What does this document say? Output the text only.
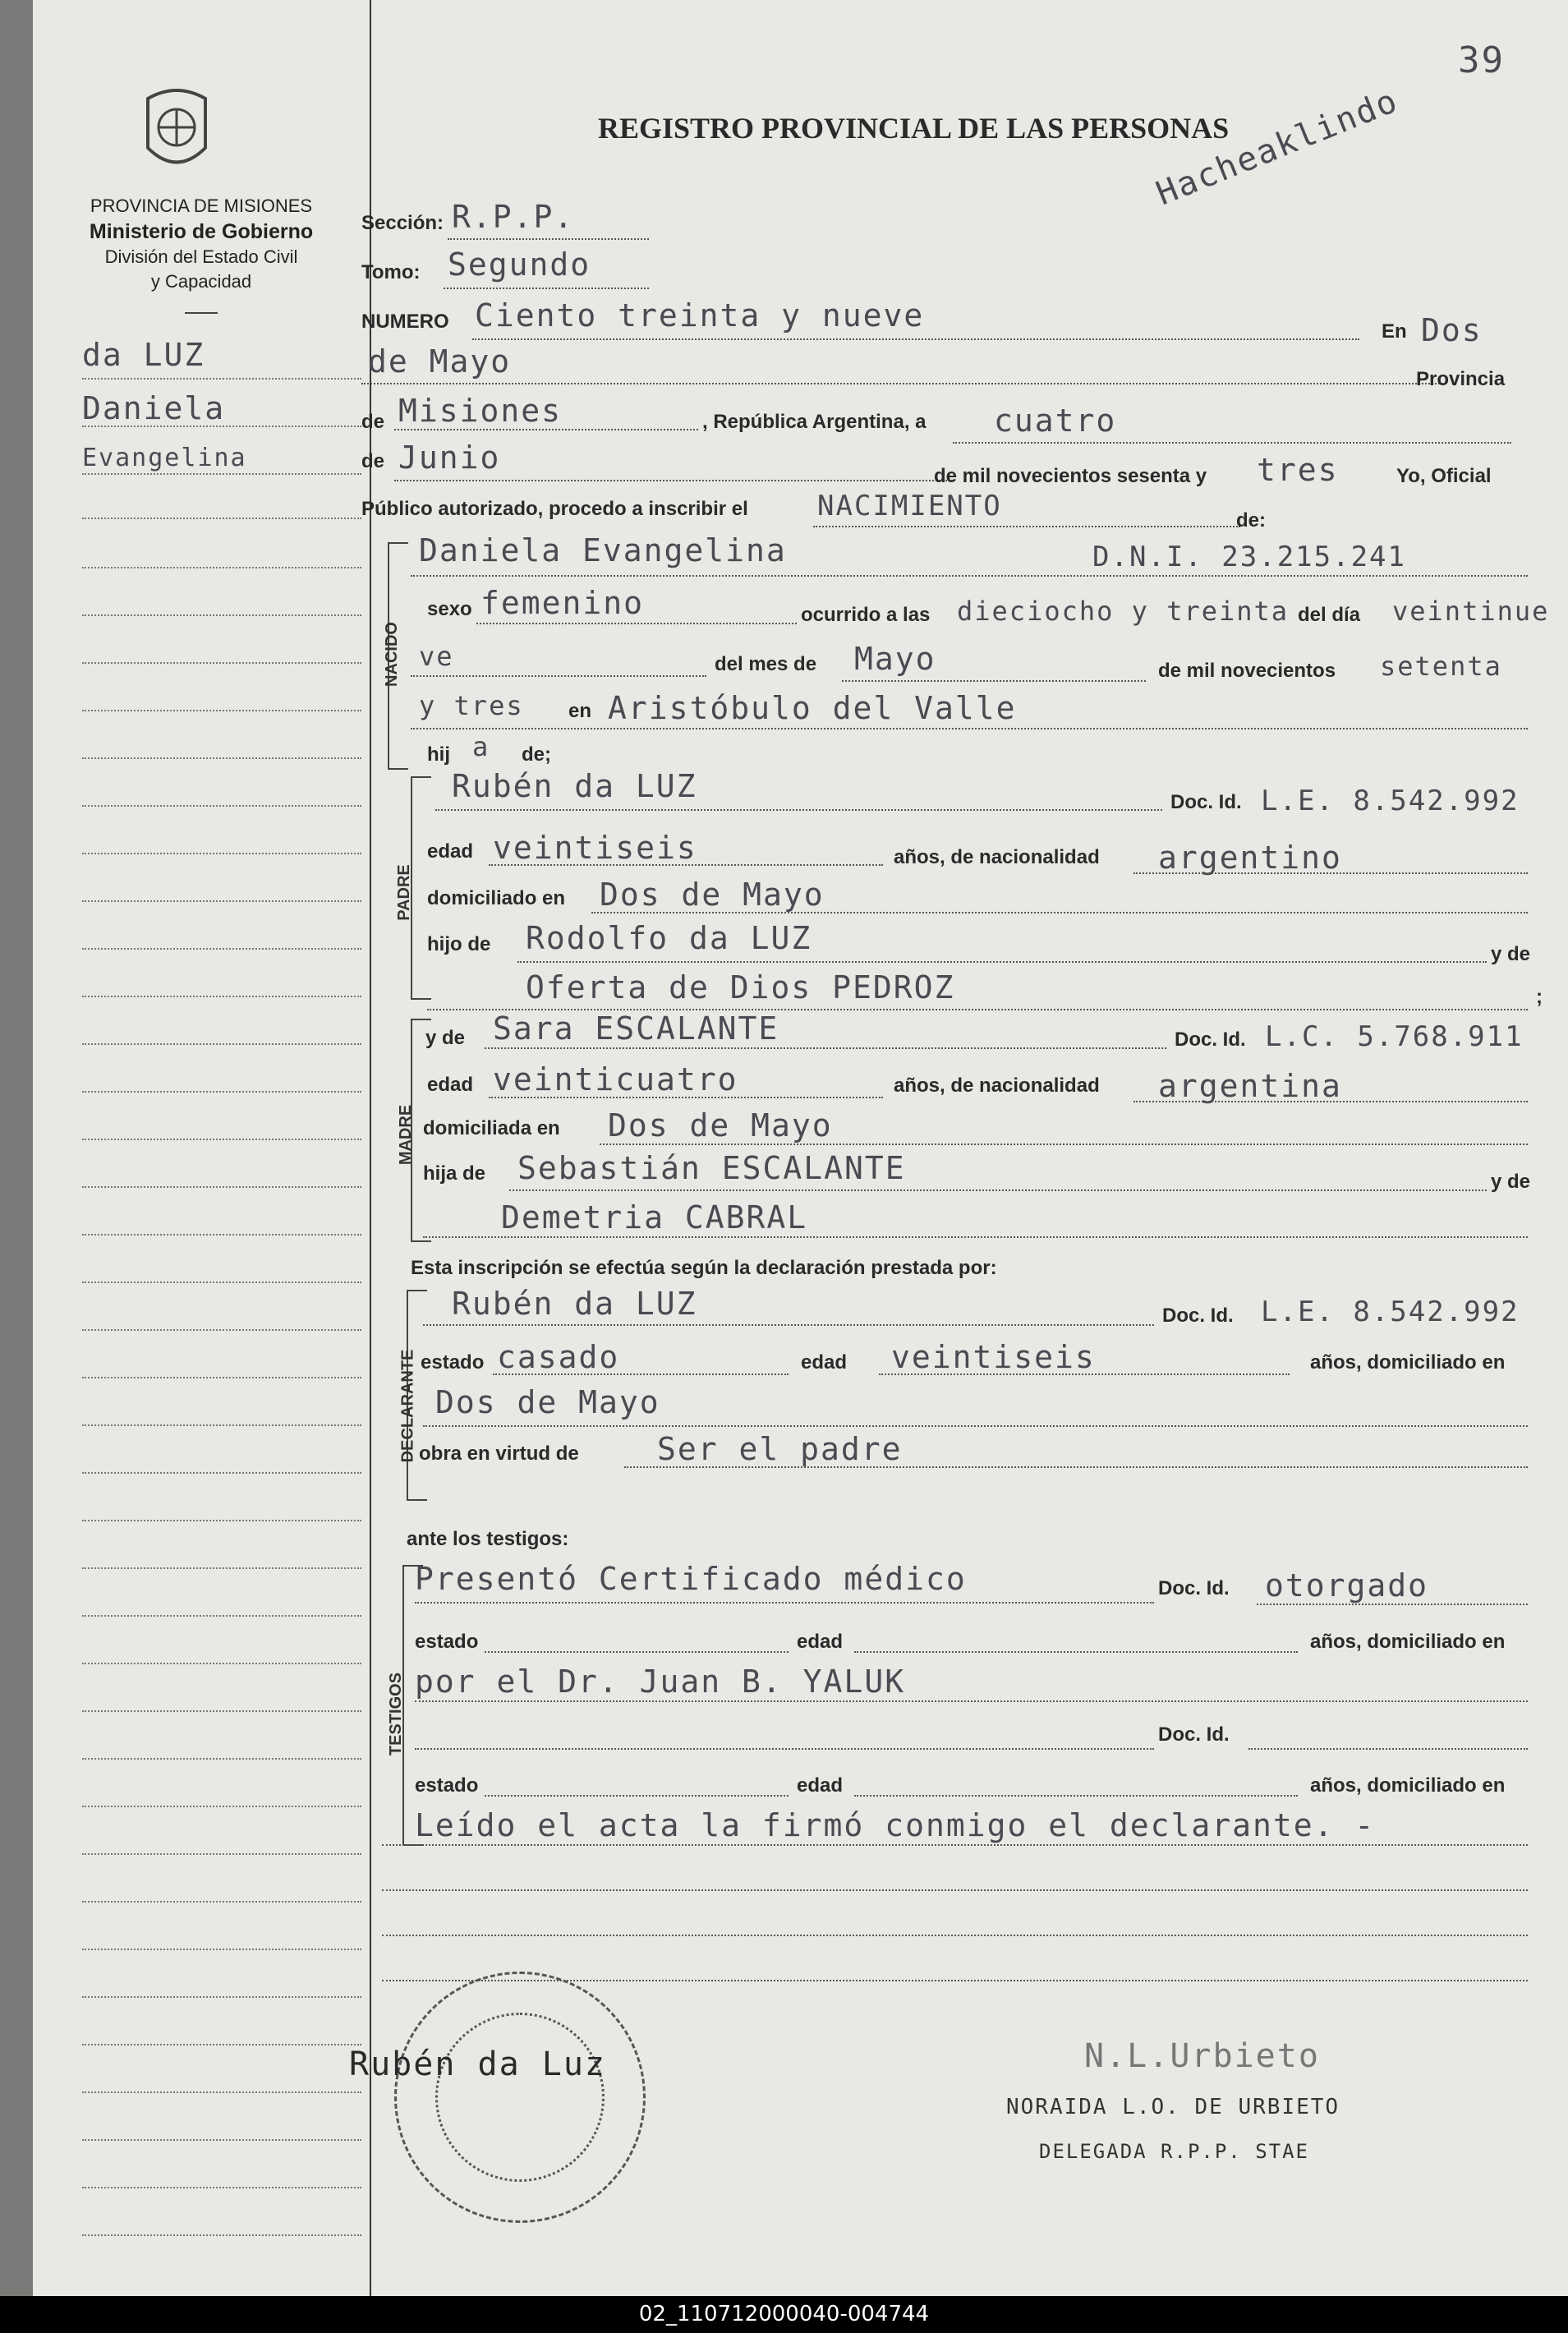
39
PROVINCIA DE MISIONES
Ministerio de Gobierno
División del Estado Civil
y Capacidad
da LUZ
Daniela
Evangelina
REGISTRO PROVINCIAL DE LAS PERSONAS
Hacheaklindo
Sección: R.P.P.
Tomo: Segundo
NUMERO Ciento treinta y nueve	En Dos
de Mayo	Provincia
de Misiones	, República Argentina, a cuatro
de Junio
de mil novecientos sesenta y tres	Yo, Oficial
Público autorizado, procedo a inscribir el NACIMIENTO	de:
NACIDO
Daniela Evangelina	D.N.I. 23.215.241
sexo femenino	ocurrido a las dieciocho y treinta del día veintinue
ve	del mes de Mayo	de mil novecientos setenta
y tres en Aristóbulo del Valle
hij a de;
PADRE
Rubén da LUZ	Doc. Id. L.E. 8.542.992
edad veintiseis	años, de nacionalidad argentino
domiciliado en Dos de Mayo
hijo de Rodolfo da LUZ	y de
Oferta de Dios PEDROZ	;
MADRE
y de Sara ESCALANTE	Doc. Id. L.C. 5.768.911
edad veinticuatro	años, de nacionalidad argentina
domiciliada en Dos de Mayo
hija de Sebastián ESCALANTE	y de
Demetria CABRAL
Esta inscripción se efectúa según la declaración prestada por:
DECLARANTE
Rubén da LUZ	Doc. Id. L.E. 8.542.992
estado casado	edad veintiseis	años, domiciliado en
Dos de Mayo
obra en virtud de	Ser el padre
ante los testigos:
TESTIGOS
Presentó Certificado médico	Doc. Id. otorgado
estado	edad	años, domiciliado en
por el Dr. Juan B. YALUK
Doc. Id.
estado	edad	años, domiciliado en
Leído el acta la firmó conmigo el declarante. -
Rubén da Luz	N.L.Urbieto
NORAIDA L.O. DE URBIETO
DELEGADA R.P.P. STAE
02_110712000040-004744
